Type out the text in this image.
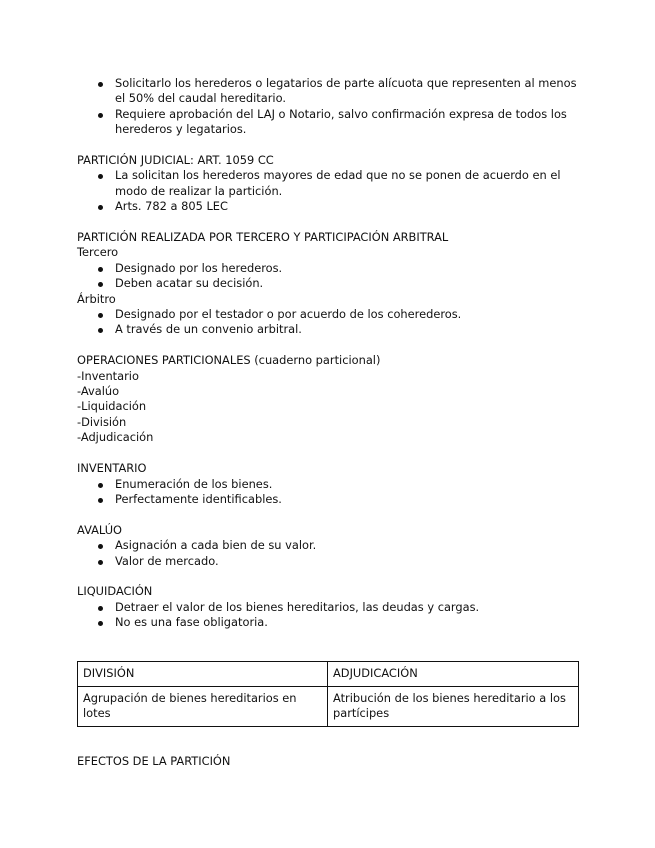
Solicitarlo los herederos o legatarios de parte alícuota que representen al menos el 50% del caudal hereditario.
Requiere aprobación del LAJ o Notario, salvo confirmación expresa de todos los herederos y legatarios.
PARTICIÓN JUDICIAL: ART. 1059 CC
La solicitan los herederos mayores de edad que no se ponen de acuerdo en el modo de realizar la partición.
Arts. 782 a 805 LEC
PARTICIÓN REALIZADA POR TERCERO Y PARTICIPACIÓN ARBITRAL
Tercero
Designado por los herederos.
Deben acatar su decisión.
Árbitro
Designado por el testador o por acuerdo de los coherederos.
A través de un convenio arbitral.
OPERACIONES PARTICIONALES (cuaderno particional)
-Inventario
-Avalúo
-Liquidación
-División
-Adjudicación
INVENTARIO
Enumeración de los bienes.
Perfectamente identificables.
AVALÚO
Asignación a cada bien de su valor.
Valor de mercado.
LIQUIDACIÓN
Detraer el valor de los bienes hereditarios, las deudas y cargas.
No es una fase obligatoria.
DIVISIÓN	ADJUDICACIÓN
Agrupación de bienes hereditarios en lotes	Atribución de los bienes hereditario a los partícipes
EFECTOS DE LA PARTICIÓN
